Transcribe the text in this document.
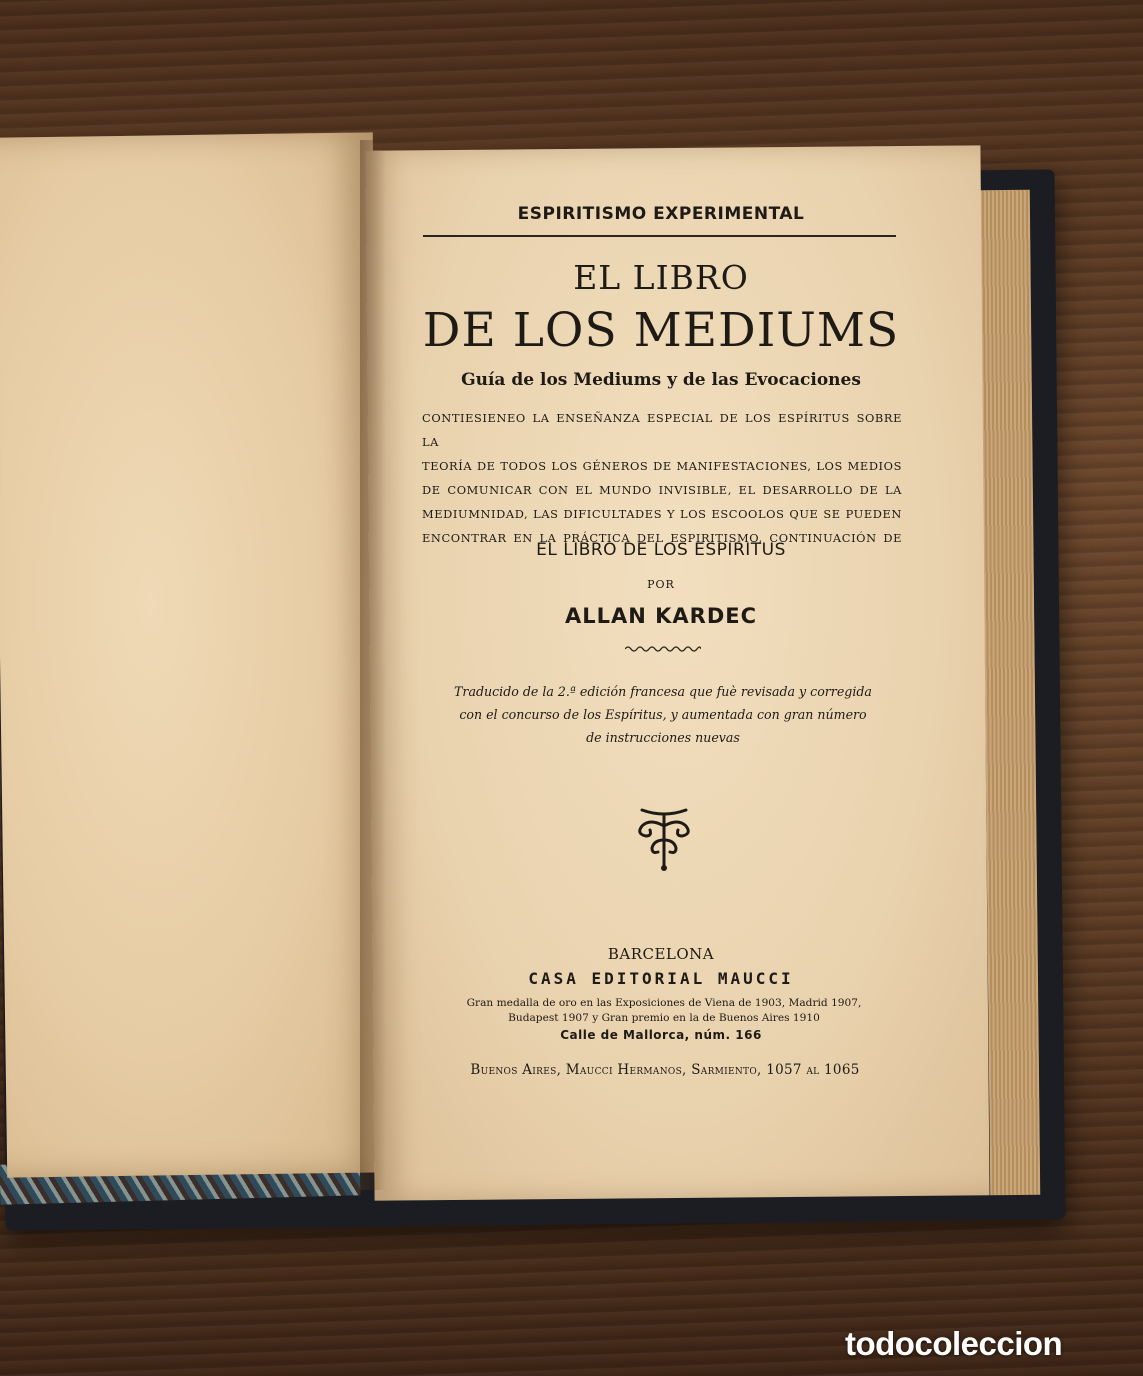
ESPIRITISMO EXPERIMENTAL
EL LIBRO
DE LOS MEDIUMS
Guía de los Mediums y de las Evocaciones
CONTIESIENEO LA ENSEÑANZA ESPECIAL DE LOS ESPÍRITUS SOBRE LA
TEORÍA DE TODOS LOS GÉNEROS DE MANIFESTACIONES, LOS MEDIOS
DE COMUNICAR CON EL MUNDO INVISIBLE, EL DESARROLLO DE LA
MEDIUMNIDAD, LAS DIFICULTADES Y LOS ESCOOLOS QUE SE PUEDEN
ENCONTRAR EN LA PRÁCTICA DEL ESPIRITISMO, CONTINUACIÓN DE
EL LIBRO DE LOS ESPIRITUS
POR
ALLAN KARDEC
Traducido de la 2.ª edición francesa que fuè revisada y corregida
con el concurso de los Espíritus, y aumentada con gran número
de instrucciones nuevas
BARCELONA
CASA EDITORIAL MAUCCI
Gran medalla de oro en las Exposiciones de Viena de 1903, Madrid 1907,
Budapest 1907 y Gran premio en la de Buenos Aires 1910
Calle de Mallorca, núm. 166
Buenos Aires, Maucci Hermanos, Sarmiento, 1057 al 1065
todocoleccion
